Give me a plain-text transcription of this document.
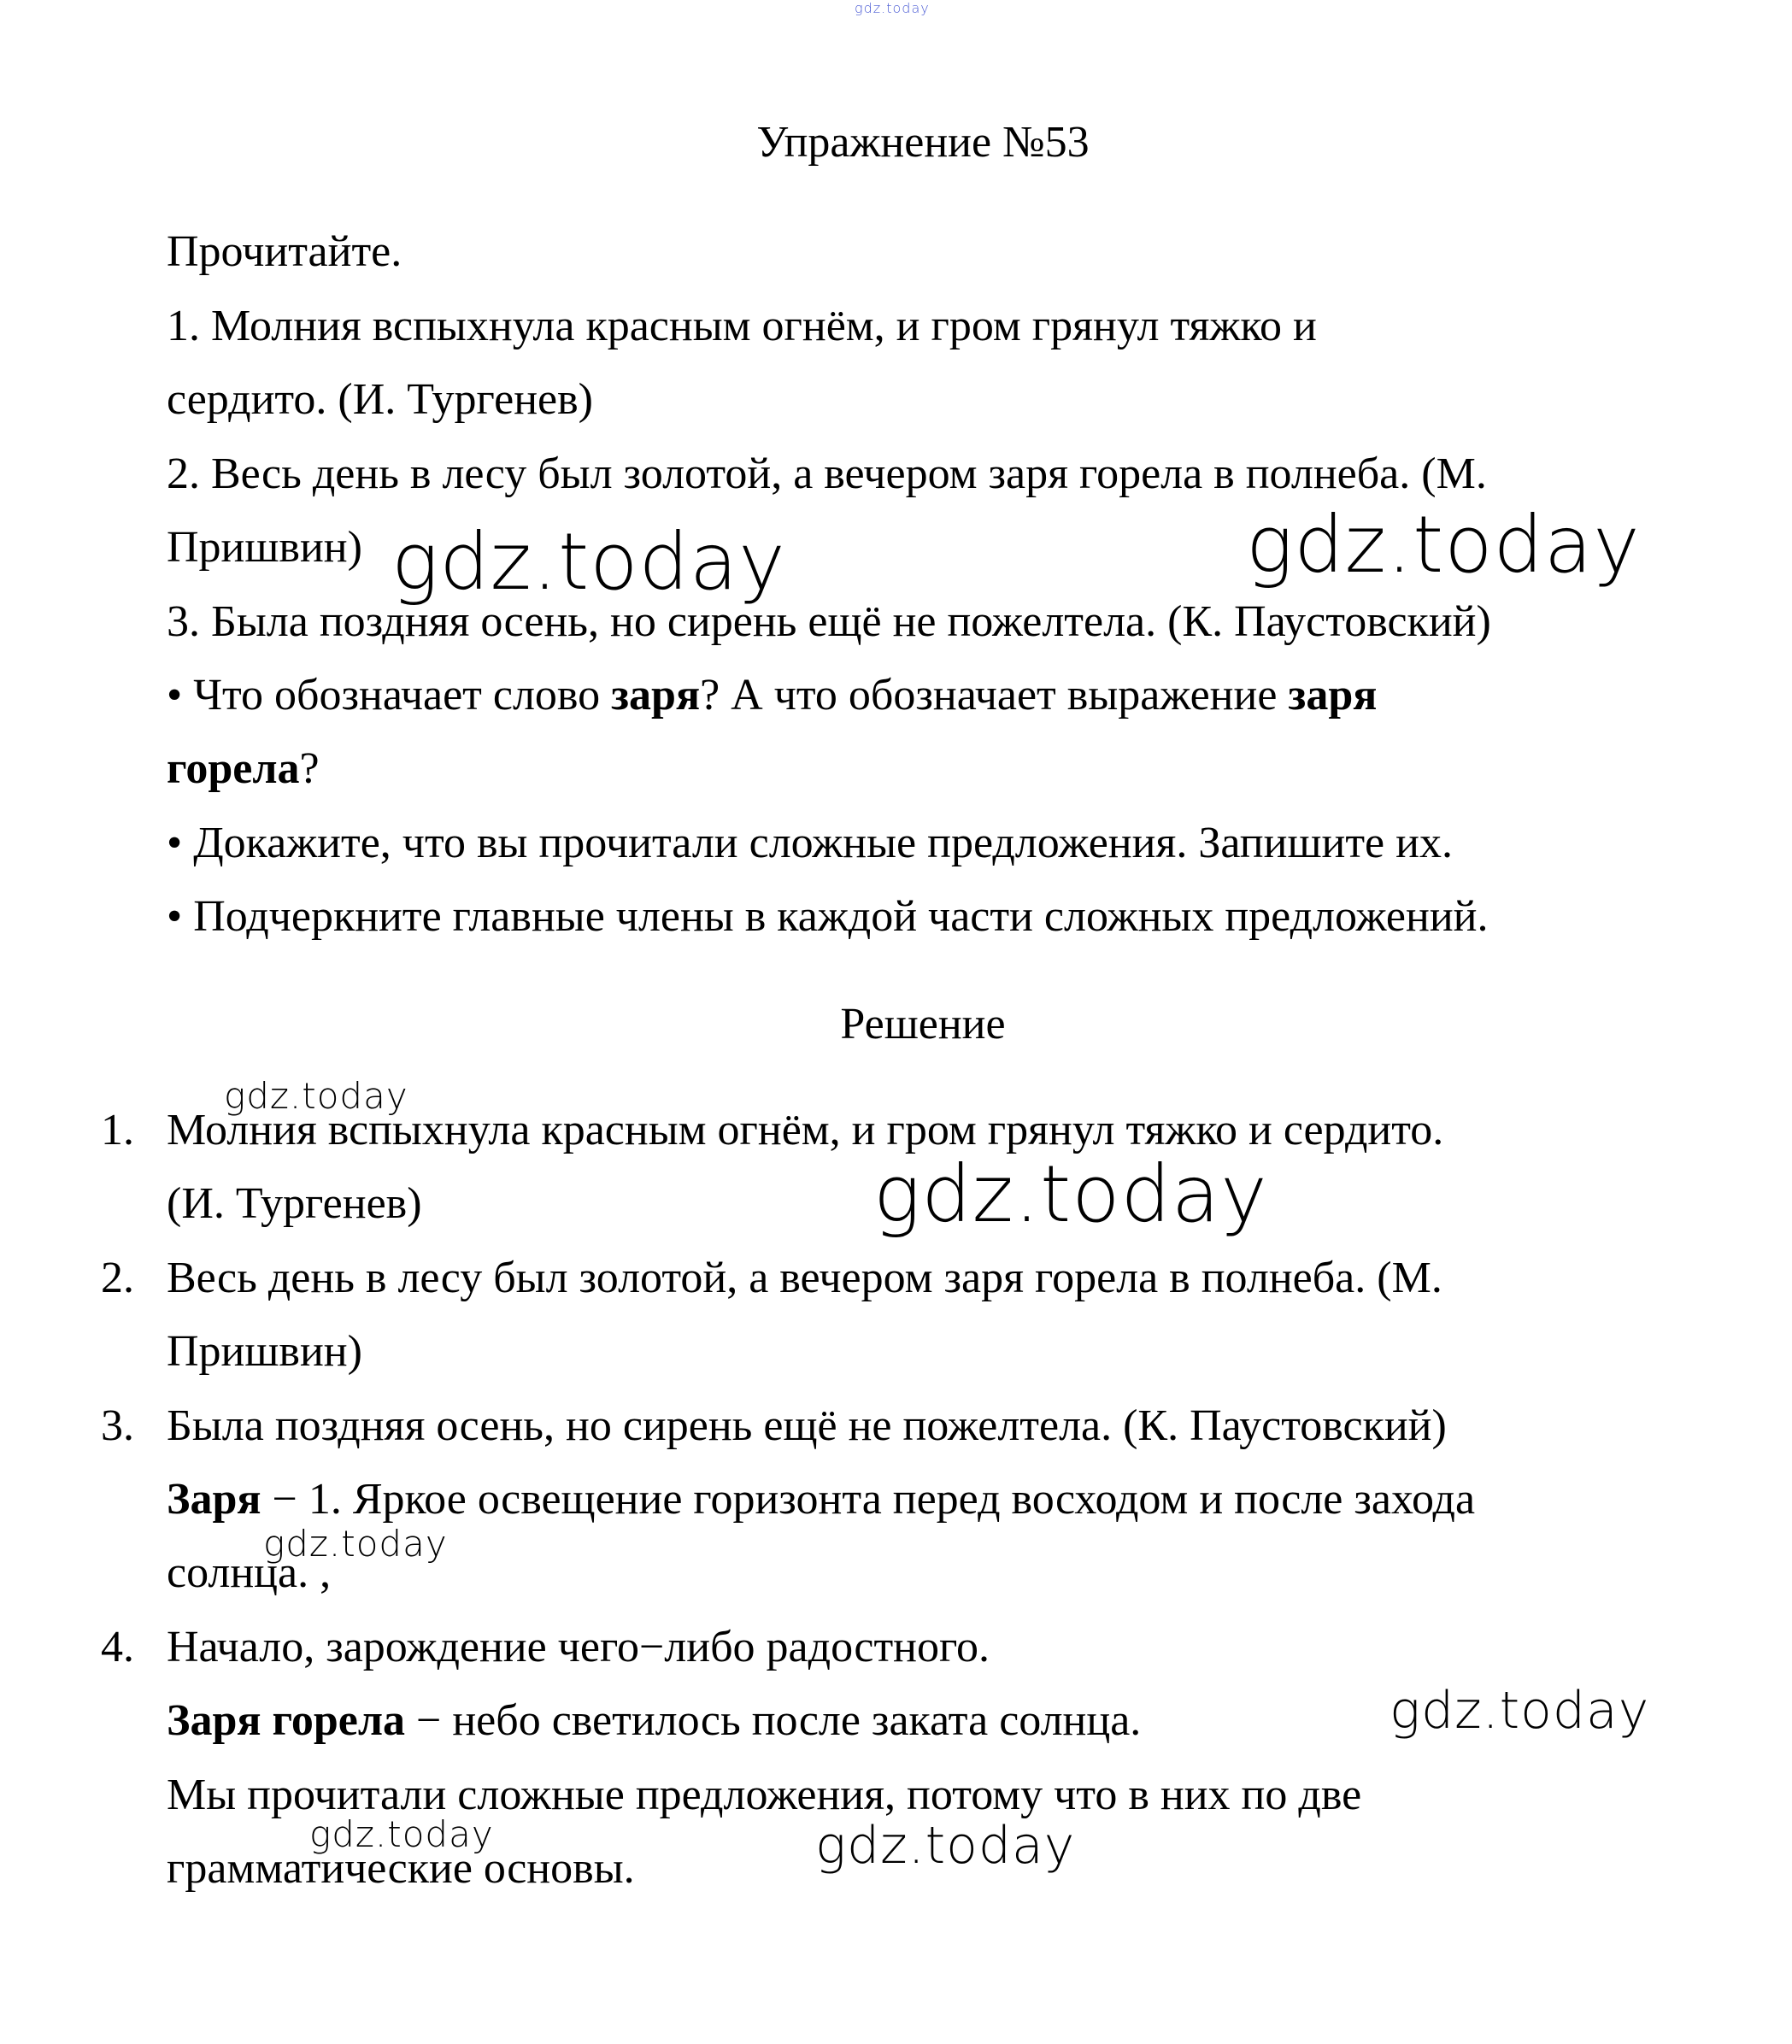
gdz.today
gdz.today	gdz.today
gdz.today
gdz.today
gdz.today
gdz.today
gdz.today	gdz.today
Упражнение №53
Прочитайте.
1. Молния вспыхнула красным огнём, и гром грянул тяжко и
сердито. (И. Тургенев)
2. Весь день в лесу был золотой, а вечером заря горела в полнеба. (М.
Пришвин)
3. Была поздняя осень, но сирень ещё не пожелтела. (К. Паустовский)
• Что обозначает слово заря? А что обозначает выражение заря
горела?
• Докажите, что вы прочитали сложные предложения. Запишите их.
• Подчеркните главные члены в каждой части сложных предложений.
Решение
1. Молния вспыхнула красным огнём, и гром грянул тяжко и сердито.
(И. Тургенев)
2. Весь день в лесу был золотой, а вечером заря горела в полнеба. (М.
Пришвин)
3. Была поздняя осень, но сирень ещё не пожелтела. (К. Паустовский)
Заря − 1. Яркое освещение горизонта перед восходом и после захода
солнца. ,
4. Начало, зарождение чего−либо радостного.
Заря горела − небо светилось после заката солнца.
Мы прочитали сложные предложения, потому что в них по две
грамматические основы.
